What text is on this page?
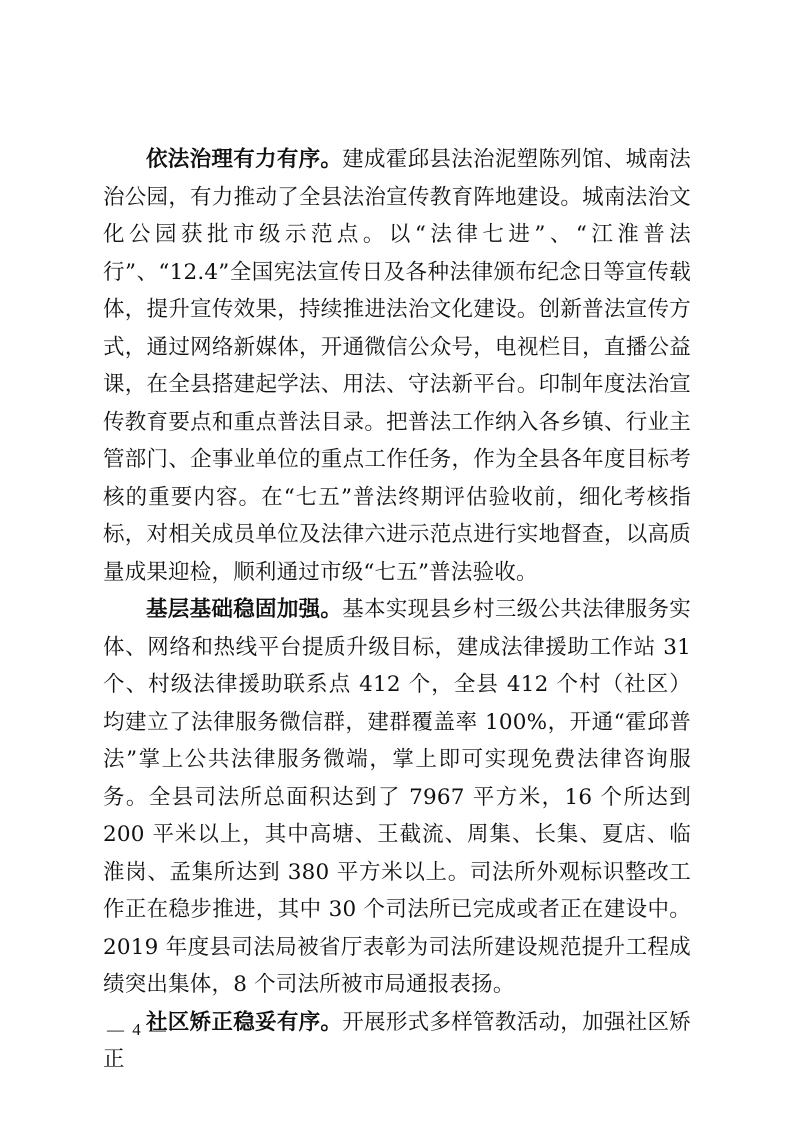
依法治理有力有序。建成霍邱县法治泥塑陈列馆、城南法治公园，有力推动了全县法治宣传教育阵地建设。城南法治文化公园获批市级示范点。以“法律七进”、“江淮普法行”、“12.4”全国宪法宣传日及各种法律颁布纪念日等宣传载体，提升宣传效果，持续推进法治文化建设。创新普法宣传方式，通过网络新媒体，开通微信公众号，电视栏目，直播公益课，在全县搭建起学法、用法、守法新平台。印制年度法治宣传教育要点和重点普法目录。把普法工作纳入各乡镇、行业主管部门、企事业单位的重点工作任务，作为全县各年度目标考核的重要内容。在“七五”普法终期评估验收前，细化考核指标，对相关成员单位及法律六进示范点进行实地督查，以高质量成果迎检，顺利通过市级“七五”普法验收。

基层基础稳固加强。基本实现县乡村三级公共法律服务实体、网络和热线平台提质升级目标，建成法律援助工作站 31 个、村级法律援助联系点 412 个，全县 412 个村（社区）均建立了法律服务微信群，建群覆盖率 100%，开通“霍邱普法”掌上公共法律服务微端，掌上即可实现免费法律咨询服务。全县司法所总面积达到了 7967 平方米，16 个所达到 200 平米以上，其中高塘、王截流、周集、长集、夏店、临淮岗、孟集所达到 380 平方米以上。司法所外观标识整改工作正在稳步推进，其中 30 个司法所已完成或者正在建设中。2019 年度县司法局被省厅表彰为司法所建设规范提升工程成绩突出集体，8 个司法所被市局通报表扬。

社区矫正稳妥有序。开展形式多样管教活动，加强社区矫正

— 4 —
